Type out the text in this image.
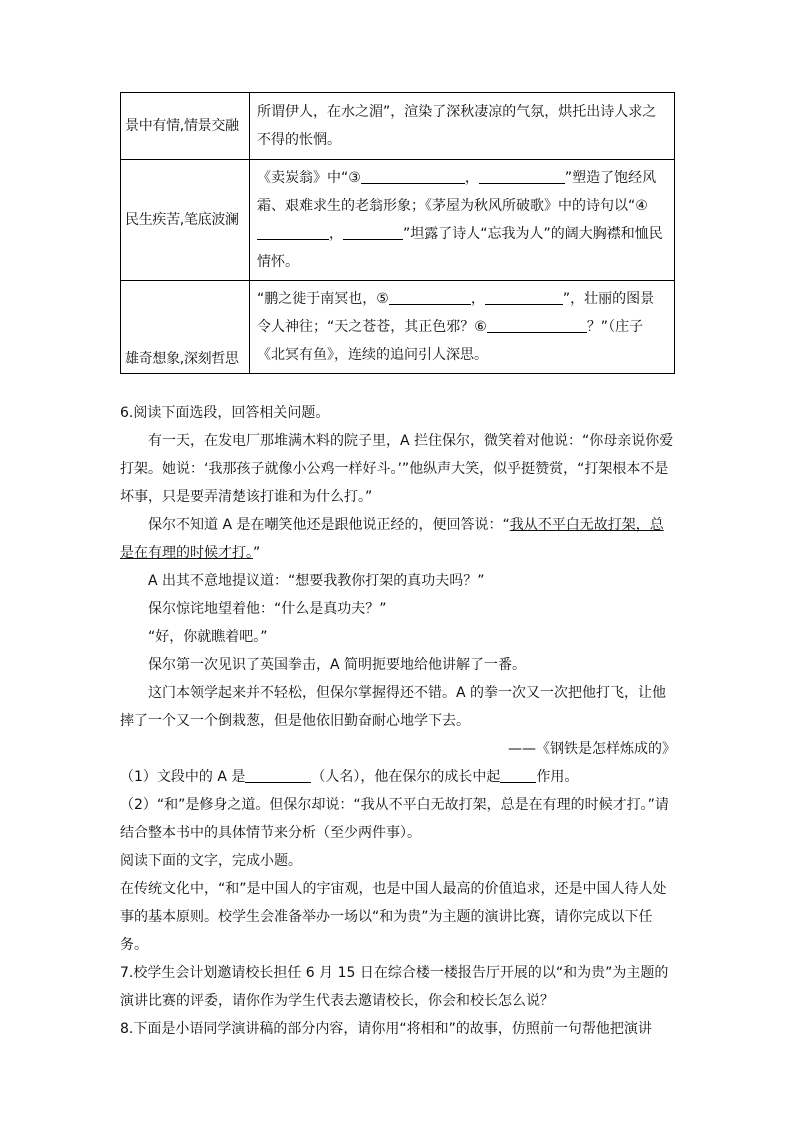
景中有情,情景交融	所谓伊人，在水之湄”，渲染了深秋凄凉的气氛，烘托出诗人求之不得的怅惘。
民生疾苦,笔底波澜	《卖炭翁》中“③ ， ”塑造了饱经风霜、艰难求生的老翁形象；《茅屋为秋风所破歌》中的诗句以“④， ”坦露了诗人“忘我为人”的阔大胸襟和恤民情怀。
雄奇想象,深刻哲思	“鹏之徙于南冥也，⑤ ， ”，壮丽的图景令人神往；“天之苍苍，其正色邪？⑥ ？”（庄子《北冥有鱼》，连续的追问引人深思。
6.阅读下面选段，回答相关问题。
有一天，在发电厂那堆满木料的院子里，A 拦住保尔，微笑着对他说：“你母亲说你爱打架。她说：‘我那孩子就像小公鸡一样好斗。’”他纵声大笑，似乎挺赞赏，“打架根本不是坏事，只是要弄清楚该打谁和为什么打。”
保尔不知道 A 是在嘲笑他还是跟他说正经的，便回答说：“我从不平白无故打架，总是在有理的时候才打。”
A 出其不意地提议道：“想要我教你打架的真功夫吗？”
保尔惊诧地望着他：“什么是真功夫？”
“好，你就瞧着吧。”
保尔第一次见识了英国拳击，A 简明扼要地给他讲解了一番。
这门本领学起来并不轻松，但保尔掌握得还不错。A 的拳一次又一次把他打飞，让他摔了一个又一个倒栽葱，但是他依旧勤奋耐心地学下去。
——《钢铁是怎样炼成的》
（1）文段中的 A 是	（人名），他在保尔的成长中起	作用。
（2）“和”是修身之道。但保尔却说：“我从不平白无故打架，总是在有理的时候才打。”请结合整本书中的具体情节来分析（至少两件事）。
阅读下面的文字，完成小题。
在传统文化中，“和”是中国人的宇宙观，也是中国人最高的价值追求，还是中国人待人处事的基本原则。校学生会准备举办一场以“和为贵”为主题的演讲比赛，请你完成以下任务。
7.校学生会计划邀请校长担任 6 月 15 日在综合楼一楼报告厅开展的以“和为贵”为主题的演讲比赛的评委，请你作为学生代表去邀请校长，你会和校长怎么说？
8.下面是小语同学演讲稿的部分内容，请你用“将相和”的故事，仿照前一句帮他把演讲
